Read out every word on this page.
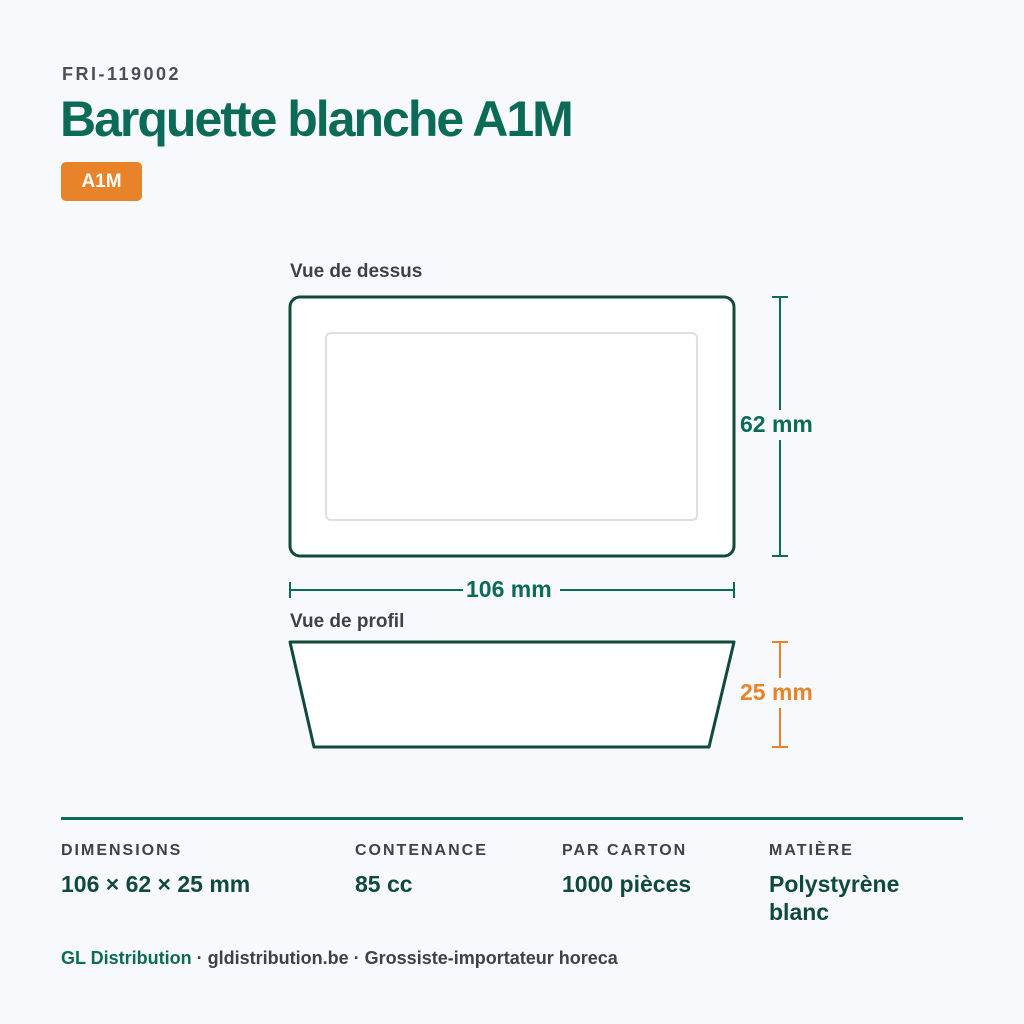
FRI-119002
Barquette blanche A1M
A1M
Vue de dessus
62 mm
106 mm
Vue de profil
25 mm
DIMENSIONS
106 × 62 × 25 mm
CONTENANCE
85 cc
PAR CARTON
1000 pièces
MATIÈRE
Polystyrène blanc
GL Distribution · gldistribution.be · Grossiste-importateur horeca
